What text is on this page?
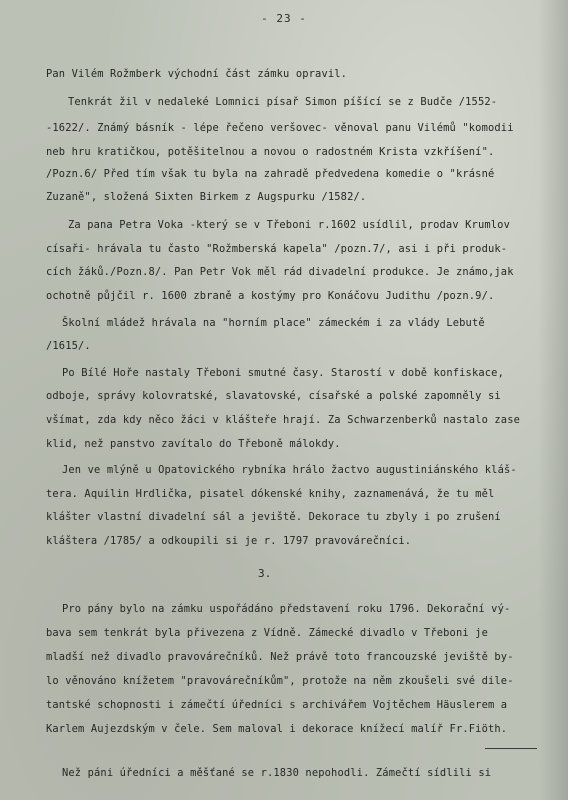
- 23 -
Pan Vilém Rožmberk východní část zámku opravil.
Tenkrát žil v nedaleké Lomnici písař Simon píšící se z Budče /1552-
-1622/. Známý básník - lépe řečeno veršovec- věnoval panu Vilémů "komodii
neb hru kratičkou, potěšitelnou a novou o radostném Krista vzkříšení".
/Pozn.6/ Před tím však tu byla na zahradě předvedena komedie o "krásné
Zuzaně", složená Sixten Birkem z Augspurku /1582/.
Za pana Petra Voka -který se v Třeboni r.1602 usídlil, prodav Krumlov
císaři- hrávala tu často "Rožmberská kapela" /pozn.7/, asi i při produk-
cích žáků./Pozn.8/. Pan Petr Vok měl rád divadelní produkce. Je známo,jak
ochotně půjčil r. 1600 zbraně a kostýmy pro Konáčovu Judithu /pozn.9/.
Školní mládež hrávala na "horním place" zámeckém i za vlády Lebutě
/1615/.
Po Bílé Hoře nastaly Třeboni smutné časy. Starostí v době konfiskace,
odboje, správy kolovratské, slavatovské, císařské a polské zapomněly si
všímat, zda kdy něco žáci v klášteře hrají. Za Schwarzenberků nastalo zase
klid, než panstvo zavítalo do Třeboně málokdy.
Jen ve mlýně u Opatovického rybníka hrálo žactvo augustiniánského kláš-
tera. Aquilin Hrdlička, pisatel dókenské knihy, zaznamenává, že tu měl
klášter vlastní divadelní sál a jeviště. Dekorace tu zbyly i po zrušení
kláštera /1785/ a odkoupili si je r. 1797 pravovárečníci.
3.
Pro pány bylo na zámku uspořádáno představení roku 1796. Dekorační vý-
bava sem tenkrát byla přivezena z Vídně. Zámecké divadlo v Třeboni je
mladší než divadlo pravovárečníků. Než právě toto francouzské jeviště by-
lo věnováno knížetem "pravovárečníkům", protože na něm zkoušeli své dile-
tantské schopnosti i zámečtí úředníci s archivářem Vojtěchem Häuslerem a
Karlem Aujezdským v čele. Sem maloval i dekorace knížecí malíř Fr.Fiöth.
Než páni úředníci a měšťané se r.1830 nepohodli. Zámečtí sídlili si
